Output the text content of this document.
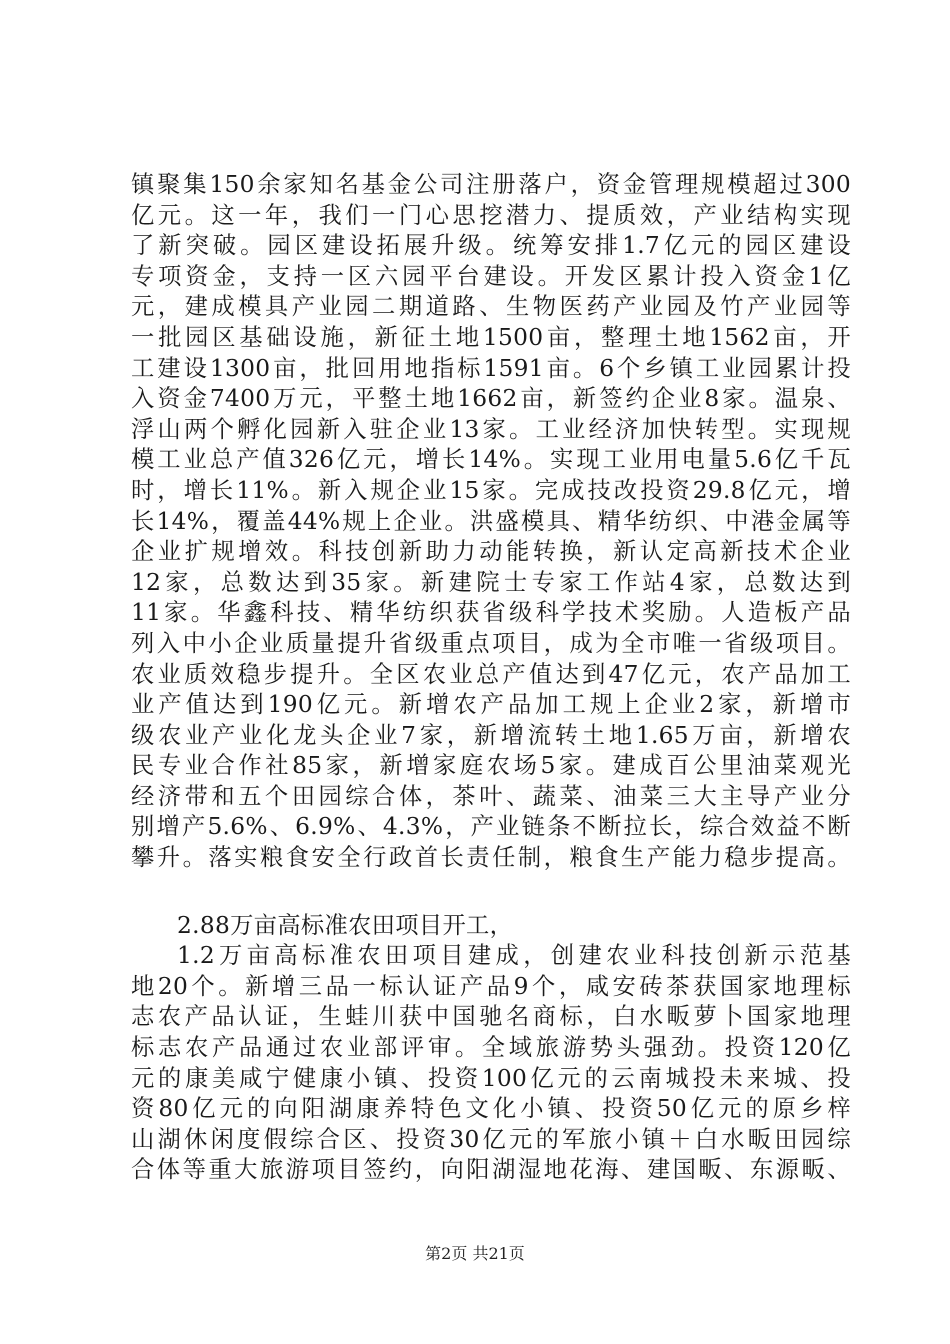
镇聚集150余家知名基金公司注册落户，资金管理规模超过300
亿元。这一年，我们一门心思挖潜力、提质效，产业结构实现
了新突破。园区建设拓展升级。统筹安排1.7亿元的园区建设
专项资金，支持一区六园平台建设。开发区累计投入资金1亿
元，建成模具产业园二期道路、生物医药产业园及竹产业园等
一批园区基础设施，新征土地1500亩，整理土地1562亩，开
工建设1300亩，批回用地指标1591亩。6个乡镇工业园累计投
入资金7400万元，平整土地1662亩，新签约企业8家。温泉、
浮山两个孵化园新入驻企业13家。工业经济加快转型。实现规
模工业总产值326亿元，增长14%。实现工业用电量5.6亿千瓦
时，增长11%。新入规企业15家。完成技改投资29.8亿元，增
长14%，覆盖44%规上企业。洪盛模具、精华纺织、中港金属等
企业扩规增效。科技创新助力动能转换，新认定高新技术企业
12家，总数达到35家。新建院士专家工作站4家，总数达到
11家。华鑫科技、精华纺织获省级科学技术奖励。人造板产品
列入中小企业质量提升省级重点项目，成为全市唯一省级项目。
农业质效稳步提升。全区农业总产值达到47亿元，农产品加工
业产值达到190亿元。新增农产品加工规上企业2家，新增市
级农业产业化龙头企业7家，新增流转土地1.65万亩，新增农
民专业合作社85家，新增家庭农场5家。建成百公里油菜观光
经济带和五个田园综合体，茶叶、蔬菜、油菜三大主导产业分
别增产5.6%、6.9%、4.3%，产业链条不断拉长，综合效益不断
攀升。落实粮食安全行政首长责任制，粮食生产能力稳步提高。
2.88万亩高标准农田项目开工，
1.2万亩高标准农田项目建成，创建农业科技创新示范基
地20个。新增三品一标认证产品9个，咸安砖茶获国家地理标
志农产品认证，生蛙川获中国驰名商标，白水畈萝卜国家地理
标志农产品通过农业部评审。全域旅游势头强劲。投资120亿
元的康美咸宁健康小镇、投资100亿元的云南城投未来城、投
资80亿元的向阳湖康养特色文化小镇、投资50亿元的原乡梓
山湖休闲度假综合区、投资30亿元的军旅小镇＋白水畈田园综
合体等重大旅游项目签约，向阳湖湿地花海、建国畈、东源畈、
第2页 共21页
